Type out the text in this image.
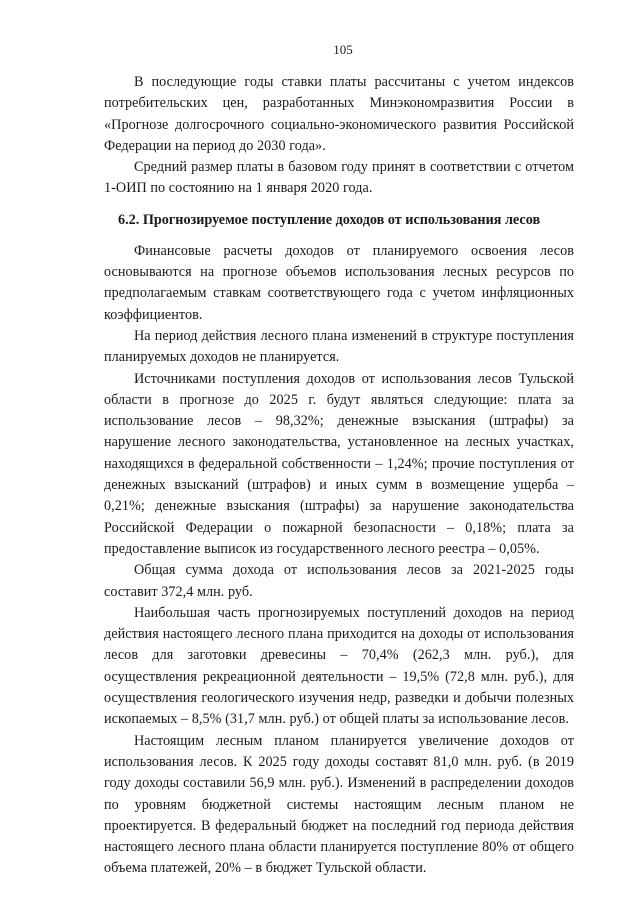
105

В последующие годы ставки платы рассчитаны с учетом индексов потребительских цен, разработанных Минэкономразвития России в «Прогнозе долгосрочного социально-экономического развития Российской Федерации на период до 2030 года».

Средний размер платы в базовом году принят в соответствии с отчетом 1-ОИП по состоянию на 1 января 2020 года.

6.2. Прогнозируемое поступление доходов от использования лесов

Финансовые расчеты доходов от планируемого освоения лесов основываются на прогнозе объемов использования лесных ресурсов по предполагаемым ставкам соответствующего года с учетом инфляционных коэффициентов.

На период действия лесного плана изменений в структуре поступления планируемых доходов не планируется.

Источниками поступления доходов от использования лесов Тульской области в прогнозе до 2025 г. будут являться следующие: плата за использование лесов – 98,32%; денежные взыскания (штрафы) за нарушение лесного законодательства, установленное на лесных участках, находящихся в федеральной собственности – 1,24%; прочие поступления от денежных взысканий (штрафов) и иных сумм в возмещение ущерба – 0,21%; денежные взыскания (штрафы) за нарушение законодательства Российской Федерации о пожарной безопасности – 0,18%; плата за предоставление выписок из государственного лесного реестра – 0,05%.

Общая сумма дохода от использования лесов за 2021-2025 годы составит 372,4 млн. руб.

Наибольшая часть прогнозируемых поступлений доходов на период действия настоящего лесного плана приходится на доходы от использования лесов для заготовки древесины – 70,4% (262,3 млн. руб.), для осуществления рекреационной деятельности – 19,5% (72,8 млн. руб.), для осуществления геологического изучения недр, разведки и добычи полезных ископаемых – 8,5% (31,7 млн. руб.) от общей платы за использование лесов.

Настоящим лесным планом планируется увеличение доходов от использования лесов. К 2025 году доходы составят 81,0 млн. руб. (в 2019 году доходы составили 56,9 млн. руб.). Изменений в распределении доходов по уровням бюджетной системы настоящим лесным планом не проектируется. В федеральный бюджет на последний год периода действия настоящего лесного плана области планируется поступление 80% от общего объема платежей, 20% – в бюджет Тульской области.
